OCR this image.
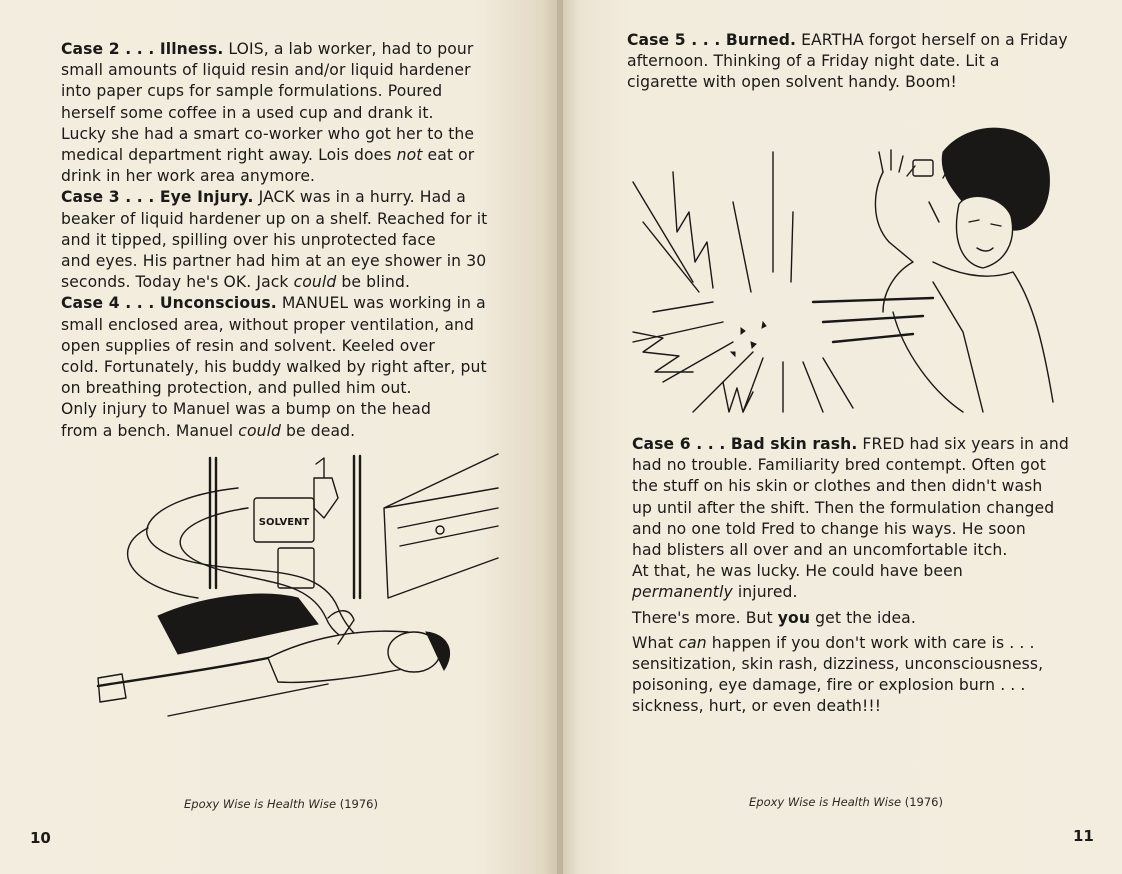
Case 2 . . . Illness. LOIS, a lab worker, had to pour
small amounts of liquid resin and/or liquid hardener
into paper cups for sample formulations. Poured
herself some coffee in a used cup and drank it.
Lucky she had a smart co-worker who got her to the
medical department right away. Lois does not eat or
drink in her work area anymore.

Case 3 . . . Eye Injury. JACK was in a hurry. Had a
beaker of liquid hardener up on a shelf. Reached for it
and it tipped, spilling over his unprotected face
and eyes. His partner had him at an eye shower in 30
seconds. Today he's OK. Jack could be blind.

Case 4 . . . Unconscious. MANUEL was working in a
small enclosed area, without proper ventilation, and
open supplies of resin and solvent. Keeled over
cold. Fortunately, his buddy walked by right after, put
on breathing protection, and pulled him out.
Only injury to Manuel was a bump on the head
from a bench. Manuel could be dead.

SOLVENT
Epoxy Wise is Health Wise (1976)
10

Case 5 . . . Burned. EARTHA forgot herself on a Friday
afternoon. Thinking of a Friday night date. Lit a
cigarette with open solvent handy. Boom!

Case 6 . . . Bad skin rash. FRED had six years in and
had no trouble. Familiarity bred contempt. Often got
the stuff on his skin or clothes and then didn't wash
up until after the shift. Then the formulation changed
and no one told Fred to change his ways. He soon
had blisters all over and an uncomfortable itch.
At that, he was lucky. He could have been
permanently injured.

There's more. But you get the idea.

What can happen if you don't work with care is . . .
sensitization, skin rash, dizziness, unconsciousness,
poisoning, eye damage, fire or explosion burn . . .
sickness, hurt, or even death!!!

Epoxy Wise is Health Wise (1976)
11
